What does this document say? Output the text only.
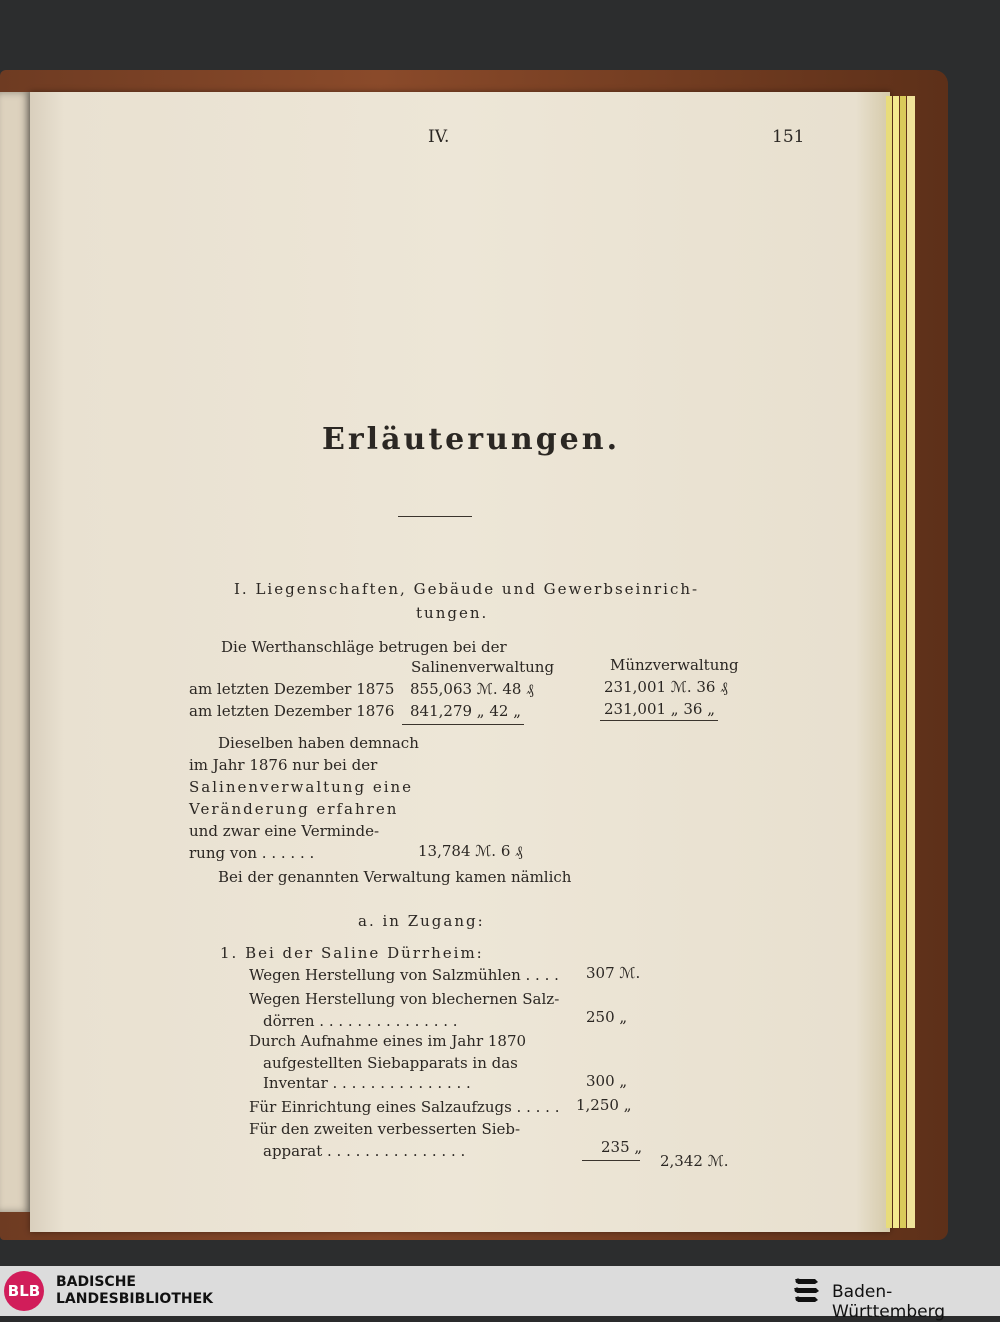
IV.	151
Erläuterungen.
I. Liegenschaften, Gebäude und Gewerbseinrich-
tungen.
Die Werthanschläge betrugen bei der
Salinenverwaltung	Münzverwaltung
am letzten Dezember 1875 855,063 ℳ. 48 ₰	231,001 ℳ. 36 ₰
am letzten Dezember 1876 841,279 „ 42 „	231,001 „ 36 „
Dieselben haben demnach
im Jahr 1876 nur bei der
Salinenverwaltung eine
Veränderung erfahren
und zwar eine Verminde-
rung von . . . . . .	13,784 ℳ. 6 ₰
Bei der genannten Verwaltung kamen nämlich
a. in Zugang:
1. Bei der Saline Dürrheim:
Wegen Herstellung von Salzmühlen . . . . 307 ℳ.
Wegen Herstellung von blechernen Salz-
dörren . . . . . . . . . . . . . . .	250 „
Durch Aufnahme eines im Jahr 1870
aufgestellten Siebapparats in das
Inventar . . . . . . . . . . . . . . .	300 „
Für Einrichtung eines Salzaufzugs . . . . . 1,250 „
Für den zweiten verbesserten Sieb-
apparat . . . . . . . . . . . . . . .	235 „
2,342 ℳ.
BLB BADISCHE
LANDESBIBLIOTHEK	Baden-Württemberg
